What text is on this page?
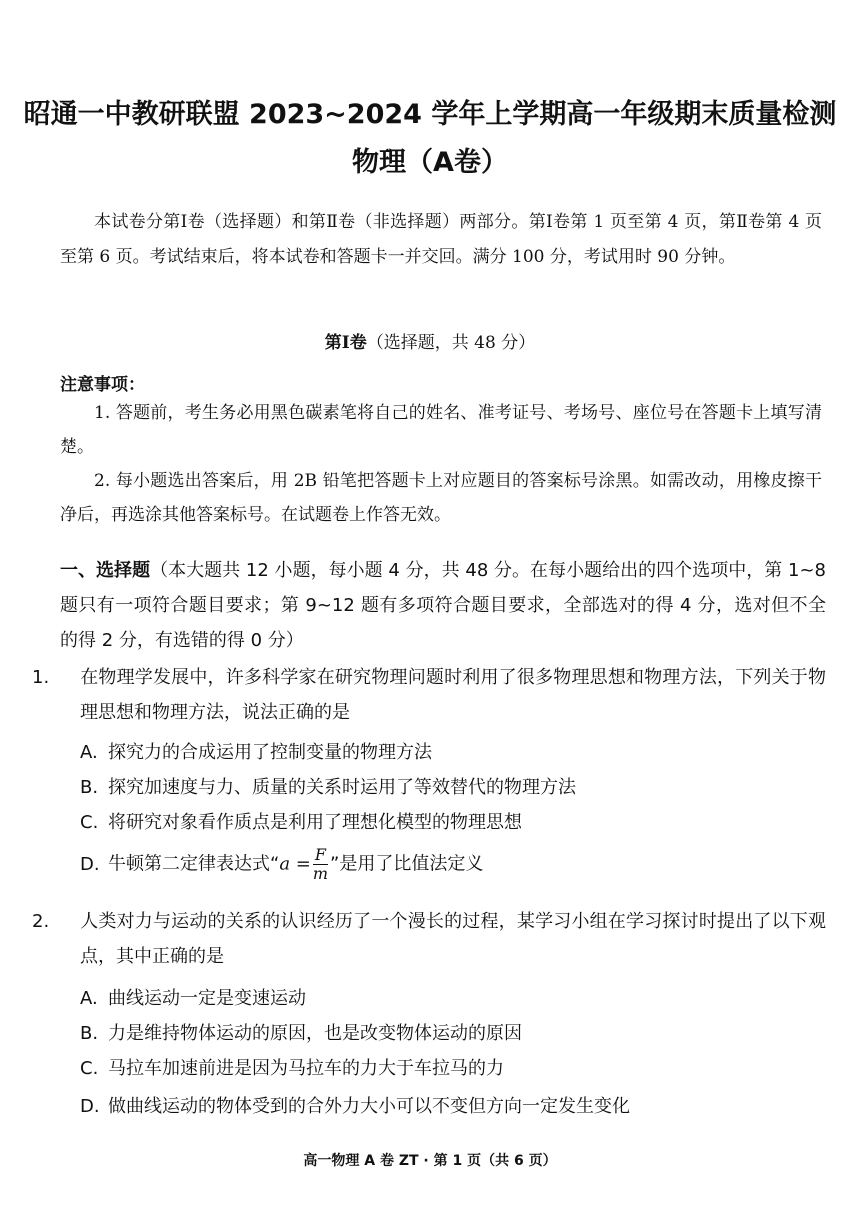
昭通一中教研联盟 2023~2024 学年上学期高一年级期末质量检测
物理（A卷）
本试卷分第Ⅰ卷（选择题）和第Ⅱ卷（非选择题）两部分。第Ⅰ卷第 1 页至第 4 页，第Ⅱ卷第 4 页至第 6 页。考试结束后，将本试卷和答题卡一并交回。满分 100 分，考试用时 90 分钟。
第Ⅰ卷（选择题，共 48 分）
注意事项：
1. 答题前，考生务必用黑色碳素笔将自己的姓名、准考证号、考场号、座位号在答题卡上填写清楚。
2. 每小题选出答案后，用 2B 铅笔把答题卡上对应题目的答案标号涂黑。如需改动，用橡皮擦干净后，再选涂其他答案标号。在试题卷上作答无效。
一、选择题（本大题共 12 小题，每小题 4 分，共 48 分。在每小题给出的四个选项中，第 1~8 题只有一项符合题目要求；第 9~12 题有多项符合题目要求，全部选对的得 4 分，选对但不全的得 2 分，有选错的得 0 分）
1. 在物理学发展中，许多科学家在研究物理问题时利用了很多物理思想和物理方法，下列关于物理思想和物理方法，说法正确的是
A. 探究力的合成运用了控制变量的物理方法
B. 探究加速度与力、质量的关系时运用了等效替代的物理方法
C. 将研究对象看作质点是利用了理想化模型的物理思想
D. 牛顿第二定律表达式“$a = \frac{F}{m}$ ”是用了比值法定义
2. 人类对力与运动的关系的认识经历了一个漫长的过程，某学习小组在学习探讨时提出了以下观点，其中正确的是
A. 曲线运动一定是变速运动
B. 力是维持物体运动的原因，也是改变物体运动的原因
C. 马拉车加速前进是因为马拉车的力大于车拉马的力
D. 做曲线运动的物体受到的合外力大小可以不变但方向一定发生变化
高一物理 A 卷 ZT · 第 1 页（共 6 页）
